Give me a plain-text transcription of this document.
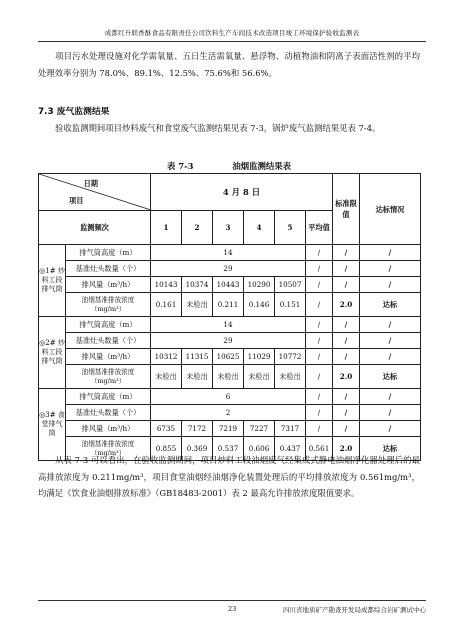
成都红升联香酥食品有限责任公司饮料生产车间技术改造项目竣工环境保护验收监测表
项目污水处理设施对化学需氧量、五日生活需氧量、悬浮物、动植物油和阴离子表面活性剂的平均处理效率分别为 78.0%、89.1%、12.5%、75.6%和 56.6%。
7.3 废气监测结果
验收监测期间项目炒料废气和食堂废气监测结果见表 7-3，锅炉废气监测结果见表 7-4。
表 7-3	油烟监测结果表
日期
项目		4 月 8 日						标准限值	达标情况
监测频次		1	2	3	4	5	平均值		
◎1# 炒料工段排气筒	排气筒高度（m）	14					/	/	/
	基准灶头数量（个）	29					/	/	/
	排风量（m³/h）	10143	10374	10443	10290	10507	/	/	/
	油烟基准排放浓度（mg/m³）	0.161	未检出	0.211	0.146	0.151	/	2.0	达标
◎2# 炒料工段排气筒	排气筒高度（m）	14					/	/	/
	基准灶头数量（个）	29					/	/	/
	排风量（m³/h）	10312	11315	10625	11029	10772	/	/	/
	油烟基准排放浓度（mg/m³）	未检出	未检出	未检出	未检出	未检出	/	2.0	达标
◎3# 食堂排气筒	排气筒高度（m）	6					/	/	/
	基准灶头数量（个）	2					/	/	/
	排风量（m³/h）	6735	7172	7219	7227	7317	/	/	/
	油烟基准排放浓度（mg/m³）	0.855	0.369	0.537	0.606	0.437	0.561	2.0	达标
从表 7-3 可以看出，在验收监测期间，项目炒料工段油烟废气经集成式静电油烟净化器处理后的最高排放浓度为 0.211mg/m³，项目食堂油烟经油烟净化装置处理后的平均排放浓度为 0.561mg/m³，均满足《饮食业油烟排放标准》（GB18483-2001）表 2 最高允许排放浓度限值要求。
23	四川省地质矿产勘查开发局成都综合岩矿测试中心
